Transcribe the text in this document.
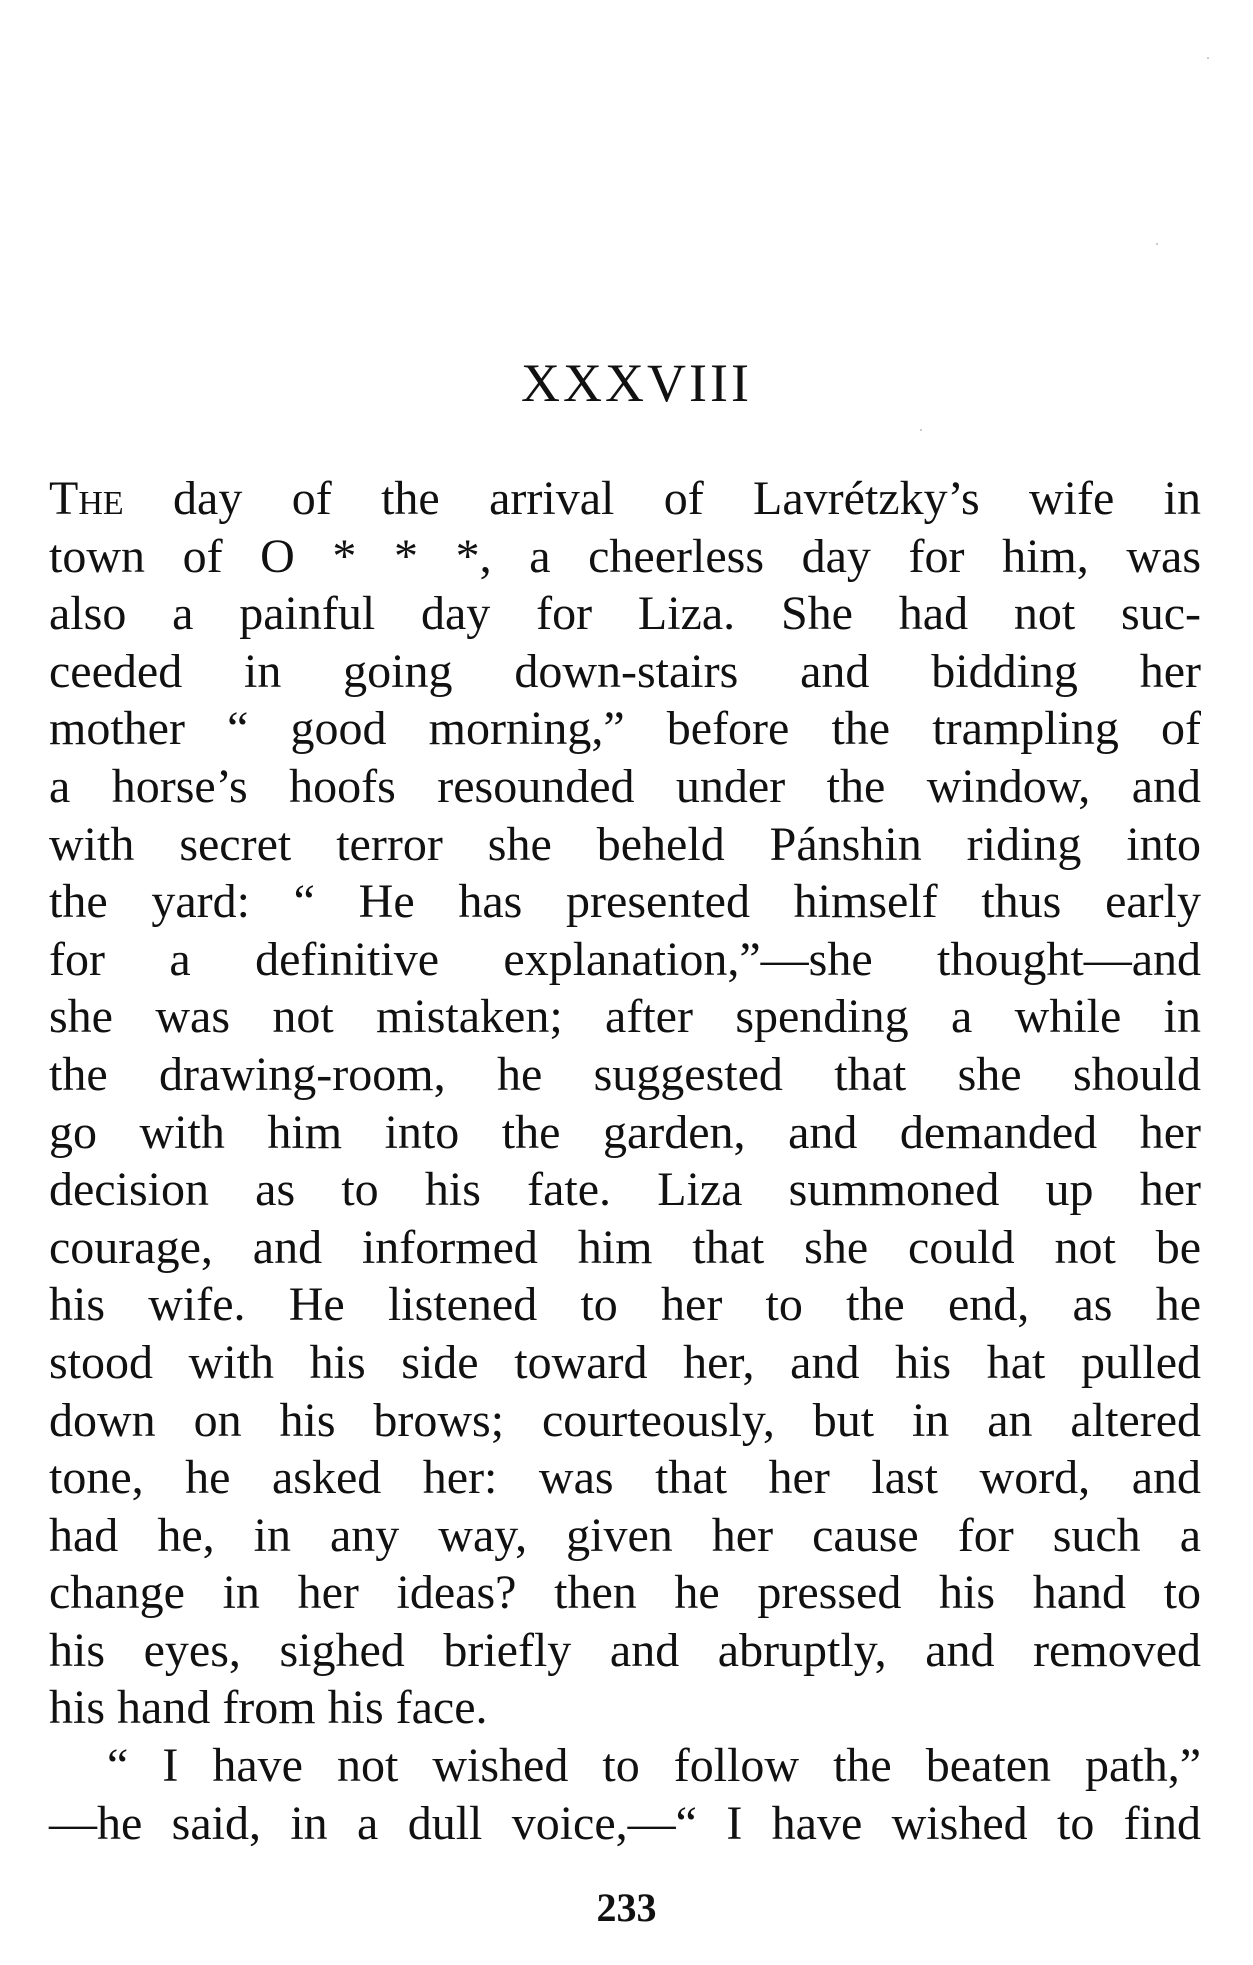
XXXVIII
The day of the arrival of Lavrétzky’s wife in
town of O * * *, a cheerless day for him, was
also a painful day for Liza. She had not suc-
ceeded in going down-stairs and bidding her
mother “ good morning,” before the trampling of
a horse’s hoofs resounded under the window, and
with secret terror she beheld Pánshin riding into
the yard: “ He has presented himself thus early
for a definitive explanation,”—she thought—and
she was not mistaken; after spending a while in
the drawing-room, he suggested that she should
go with him into the garden, and demanded her
decision as to his fate. Liza summoned up her
courage, and informed him that she could not be
his wife. He listened to her to the end, as he
stood with his side toward her, and his hat pulled
down on his brows; courteously, but in an altered
tone, he asked her: was that her last word, and
had he, in any way, given her cause for such a
change in her ideas? then he pressed his hand to
his eyes, sighed briefly and abruptly, and removed
his hand from his face.
“ I have not wished to follow the beaten path,”
—he said, in a dull voice,—“ I have wished to find
233
